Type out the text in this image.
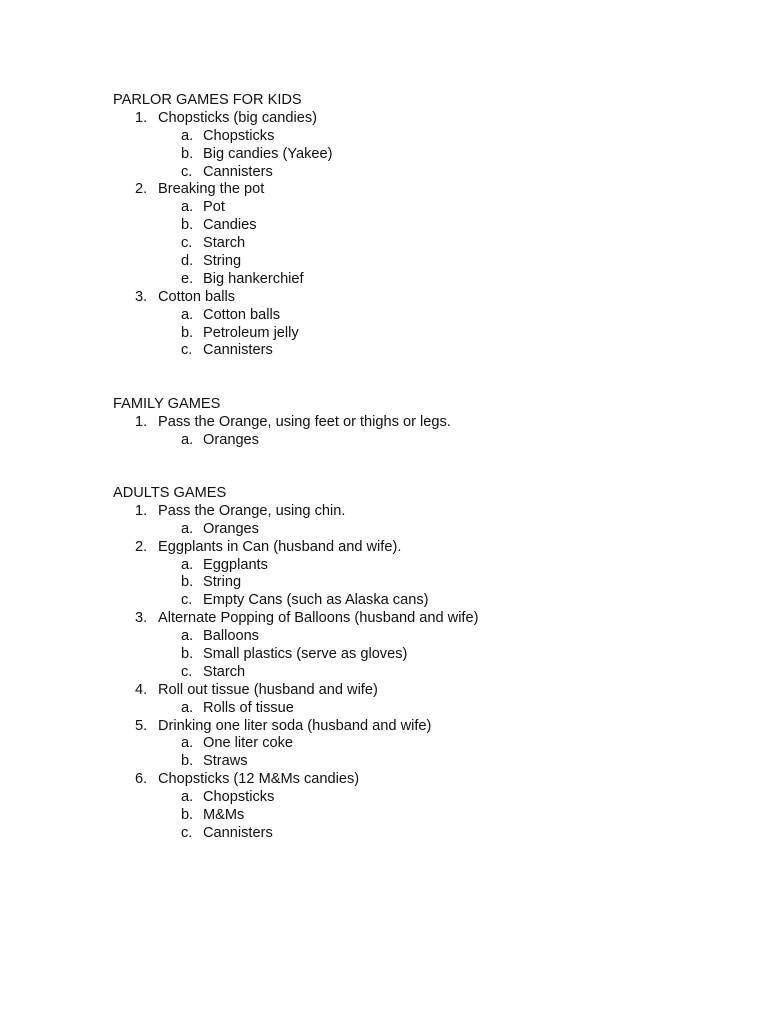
PARLOR GAMES FOR KIDS
1. Chopsticks (big candies)
a. Chopsticks
b. Big candies (Yakee)
c. Cannisters
2. Breaking the pot
a. Pot
b. Candies
c. Starch
d. String
e. Big hankerchief
3. Cotton balls
a. Cotton balls
b. Petroleum jelly
c. Cannisters
FAMILY GAMES
1. Pass the Orange, using feet or thighs or legs.
a. Oranges
ADULTS GAMES
1. Pass the Orange, using chin.
a. Oranges
2. Eggplants in Can (husband and wife).
a. Eggplants
b. String
c. Empty Cans (such as Alaska cans)
3. Alternate Popping of Balloons (husband and wife)
a. Balloons
b. Small plastics (serve as gloves)
c. Starch
4. Roll out tissue (husband and wife)
a. Rolls of tissue
5. Drinking one liter soda (husband and wife)
a. One liter coke
b. Straws
6. Chopsticks (12 M&Ms candies)
a. Chopsticks
b. M&Ms
c. Cannisters
